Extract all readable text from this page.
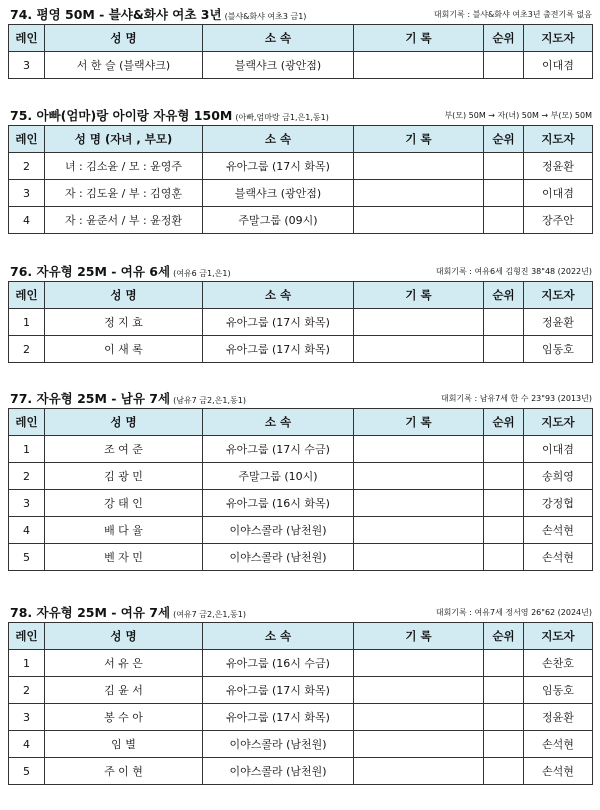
74. 평영 50M - 블샤&화샤 여초 3년 (블샤&화샤 여초3 금1)	대회기록 : 블샤&화샤 여초3년 출전기록 없음
레인	성 명	소 속	기 록	순위	지도자
3	서 한 슬 (블랙샤크)	블랙샤크 (광안점)			이대겸
75. 아빠(엄마)랑 아이랑 자유형 150M (아빠,엄마랑 금1,은1,동1)	부(모) 50M → 자(녀) 50M → 부(모) 50M
레인	성 명 (자녀 , 부모)	소 속	기 록	순위	지도자
2	녀 : 김소윤 / 모 : 윤영주	유아그룹 (17시 화목)			정윤환
3	자 : 김도윤 / 부 : 김영훈	블랙샤크 (광안점)			이대겸
4	자 : 윤준서 / 부 : 윤정환	주말그룹 (09시)			장주안
76. 자유형 25M - 여유 6세 (여유6 금1,은1)	대회기록 : 여유6세 김형진 38"48 (2022년)
레인	성 명	소 속	기 록	순위	지도자
1	정 지 효	유아그룹 (17시 화목)			정윤환
2	이 새 록	유아그룹 (17시 화목)			임동호
77. 자유형 25M - 남유 7세 (남유7 금2,은1,동1)	대회기록 : 남유7세 한 수 23"93 (2013년)
레인	성 명	소 속	기 록	순위	지도자
1	조 여 준	유아그룹 (17시 수금)			이대겸
2	김 광 민	주말그룹 (10시)			송희영
3	강 태 인	유아그룹 (16시 화목)			강정협
4	배 다 율	이야스콜라 (남천원)			손석현
5	벤 자 민	이야스콜라 (남천원)			손석현
78. 자유형 25M - 여유 7세 (여유7 금2,은1,동1)	대회기록 : 여유7세 정서영 26"62 (2024년)
레인	성 명	소 속	기 록	순위	지도자
1	서 유 은	유아그룹 (16시 수금)			손찬호
2	김 윤 서	유아그룹 (17시 화목)			임동호
3	봉 수 아	유아그룹 (17시 화목)			정윤환
4	임 별	이야스콜라 (남천원)			손석현
5	주 이 현	이야스콜라 (남천원)			손석현
